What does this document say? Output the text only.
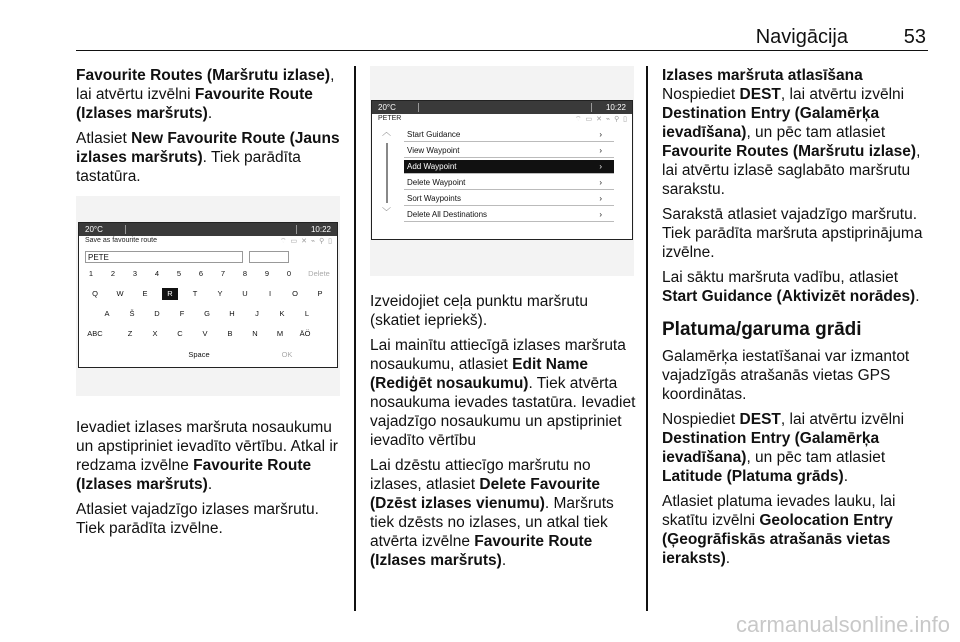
Navigācija	53

Favourite Routes (Maršrutu izlase),
lai atvērtu izvēlni Favourite Route (Izlases maršruts).

Atlasiet New Favourite Route (Jauns izlases maršruts). Tiek parādīta tastatūra.

20°C	10:22
Save as favourite route	⌔ ▭ ✕ ⌁ ⚲ ▯
PETE
1	2	3	4	5	6	7	8	9	0	Delete
Q	W	E	R	T	Y	U	I	O	P
A	Š	D	F	G	H	J	K	L
ABC	Z	X	C	V	B	N	M	ÄÖ
Space	OK

Ievadiet izlases maršruta nosaukumu un apstipriniet ievadīto vērtību. Atkal ir redzama izvēlne Favourite Route (Izlases maršruts).

Atlasiet vajadzīgo izlases maršrutu. Tiek parādīta izvēlne.

20°C	10:22
PETER	⌔ ▭ ✕ ⌁ ⚲ ▯
︿
﹀
Start Guidance	›
View Waypoint	›
Add Waypoint	›
Delete Waypoint	›
Sort Waypoints	›
Delete All Destinations	›

Izveidojiet ceļa punktu maršrutu (skatiet iepriekš).

Lai mainītu attiecīgā izlases maršruta nosaukumu, atlasiet Edit Name (Rediģēt nosaukumu). Tiek atvērta nosaukuma ievades tastatūra. Ievadiet vajadzīgo nosaukumu un apstipriniet ievadīto vērtību

Lai dzēstu attiecīgo maršrutu no izlases, atlasiet Delete Favourite (Dzēst izlases vienumu). Maršruts tiek dzēsts no izlases, un atkal tiek atvērta izvēlne Favourite Route (Izlases maršruts).

Izlases maršruta atlasīšana

Nospiediet DEST, lai atvērtu izvēlni Destination Entry (Galamērķa ievadīšana), un pēc tam atlasiet Favourite Routes (Maršrutu izlase), lai atvērtu izlasē saglabāto maršrutu sarakstu.

Sarakstā atlasiet vajadzīgo maršrutu. Tiek parādīta maršruta apstiprinājuma izvēlne.

Lai sāktu maršruta vadību, atlasiet Start Guidance (Aktivizēt norādes).

Platuma/garuma grādi

Galamērķa iestatīšanai var izmantot vajadzīgās atrašanās vietas GPS koordinātas.

Nospiediet DEST, lai atvērtu izvēlni Destination Entry (Galamērķa ievadīšana), un pēc tam atlasiet Latitude (Platuma grāds).

Atlasiet platuma ievades lauku, lai skatītu izvēlni Geolocation Entry (Ģeogrāfiskās atrašanās vietas ieraksts).

carmanualsonline.info
